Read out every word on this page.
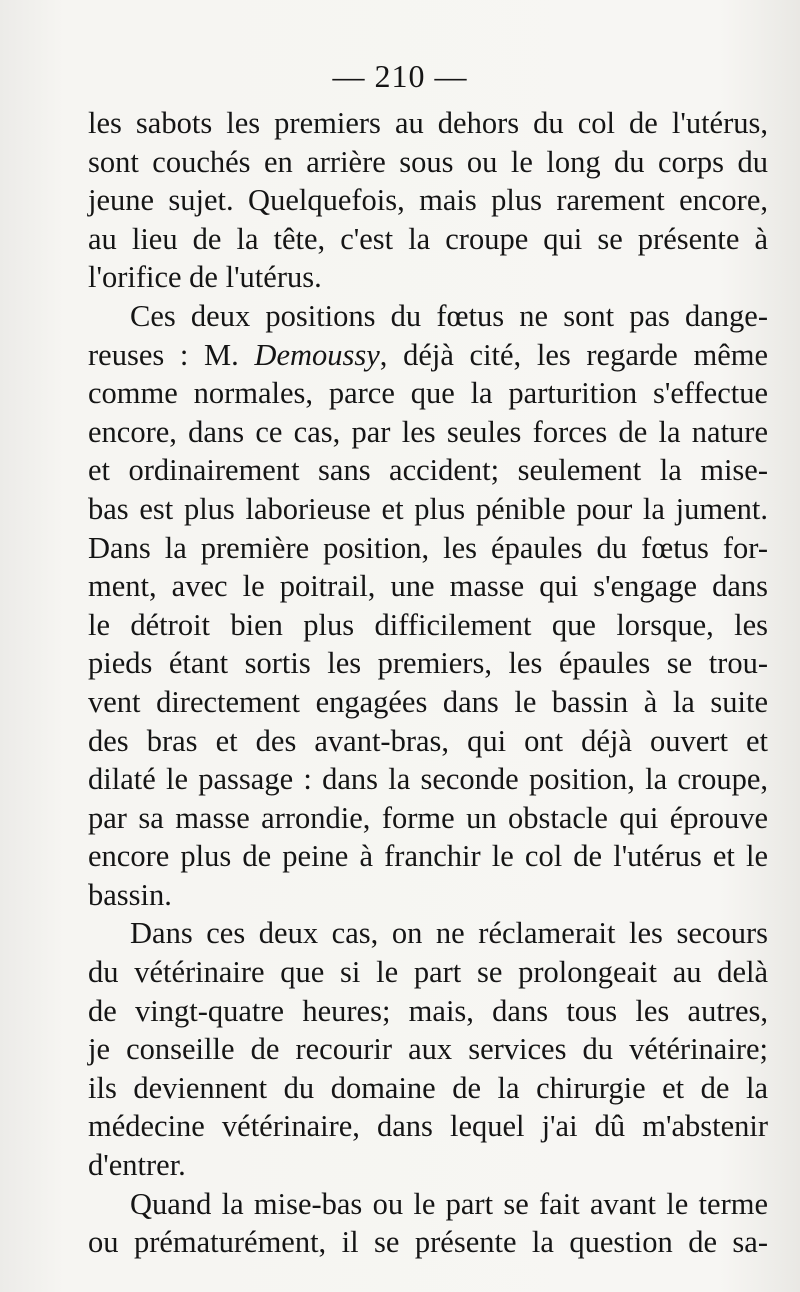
— 210 —
les sabots les premiers au dehors du col de l'utérus,
sont couchés en arrière sous ou le long du corps du
jeune sujet. Quelquefois, mais plus rarement encore,
au lieu de la tête, c'est la croupe qui se présente à
l'orifice de l'utérus.
Ces deux positions du fœtus ne sont pas dange-
reuses : M. Demoussy, déjà cité, les regarde même
comme normales, parce que la parturition s'effectue
encore, dans ce cas, par les seules forces de la nature
et ordinairement sans accident; seulement la mise-
bas est plus laborieuse et plus pénible pour la jument.
Dans la première position, les épaules du fœtus for-
ment, avec le poitrail, une masse qui s'engage dans
le détroit bien plus difficilement que lorsque, les
pieds étant sortis les premiers, les épaules se trou-
vent directement engagées dans le bassin à la suite
des bras et des avant-bras, qui ont déjà ouvert et
dilaté le passage : dans la seconde position, la croupe,
par sa masse arrondie, forme un obstacle qui éprouve
encore plus de peine à franchir le col de l'utérus et le
bassin.
Dans ces deux cas, on ne réclamerait les secours
du vétérinaire que si le part se prolongeait au delà
de vingt-quatre heures; mais, dans tous les autres,
je conseille de recourir aux services du vétérinaire;
ils deviennent du domaine de la chirurgie et de la
médecine vétérinaire, dans lequel j'ai dû m'abstenir
d'entrer.
Quand la mise-bas ou le part se fait avant le terme
ou prématurément, il se présente la question de sa-
